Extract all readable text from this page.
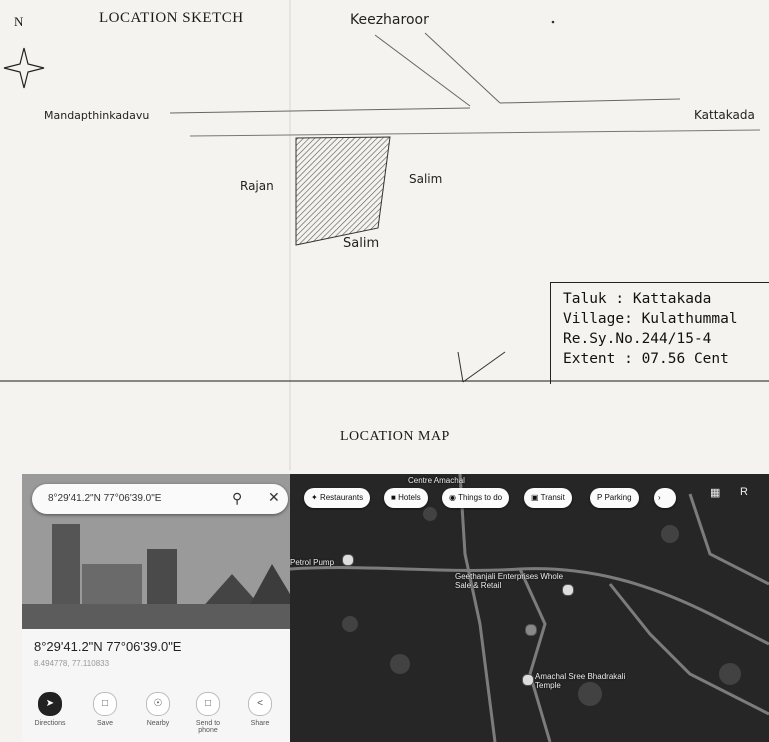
N	LOCATION SKETCH	Keezharoor
Mandapthinkadavu	Kattakada
Rajan	Salim
Salim
Taluk : Kattakada
Village: Kulathummal
Re.Sy.No.244/15-4
Extent : 07.56 Cent
LOCATION MAP
8°29'41.2"N 77°06'39.0"E	⚲ ✕
8°29'41.2"N 77°06'39.0"E
8.494778, 77.110833
➤
Directions
□
Save
☉
Nearby
□
Send to phone
<
Share
✦ Restaurants	■ Hotels	◉ Things to do	▣ Transit	P Parking	›	▦ R
Centre Amachal
Petrol Pump
Geethanjali Enterprises Whole Sale & Retail
Amachal Sree Bhadrakali Temple
